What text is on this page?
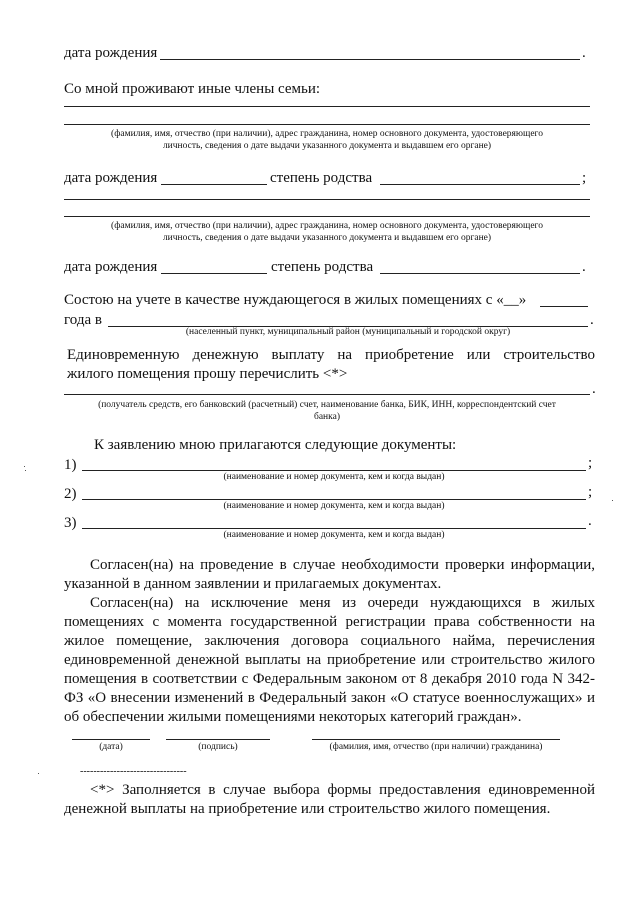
дата рождения	.
Со мной проживают иные члены семьи:
(фамилия, имя, отчество (при наличии), адрес гражданина, номер основного документа, удостоверяющего
личность, сведения о дате выдачи указанного документа и выдавшем его органе)
дата рождения	степень родства	;
(фамилия, имя, отчество (при наличии), адрес гражданина, номер основного документа, удостоверяющего
личность, сведения о дате выдачи указанного документа и выдавшем его органе)
дата рождения	степень родства	.
Состою на учете в качестве нуждающегося в жилых помещениях с «__»
года в	.
(населенный пункт, муниципальный район (муниципальный и городской округ)
Единовременную денежную выплату на приобретение или строительство
жилого помещения прошу перечислить <*>
.
(получатель средств, его банковский (расчетный) счет, наименование банка, БИК, ИНН, корреспондентский счет
банка)
К заявлению мною прилагаются следующие документы:
1)	;
(наименование и номер документа, кем и когда выдан)
2)	;
(наименование и номер документа, кем и когда выдан)
3)	.
(наименование и номер документа, кем и когда выдан)
Согласен(на) на проведение в случае необходимости проверки информации,
указанной в данном заявлении и прилагаемых документах.
Согласен(на) на исключение меня из очереди нуждающихся в жилых
помещениях с момента государственной регистрации права собственности на
жилое помещение, заключения договора социального найма, перечисления
единовременной денежной выплаты на приобретение или строительство жилого
помещения в соответствии с Федеральным законом от 8 декабря 2010 года N 342-
ФЗ «О внесении изменений в Федеральный закон «О статусе военнослужащих» и
об обеспечении жилыми помещениями некоторых категорий граждан».
(дата)	(подпись)	(фамилия, имя, отчество (при наличии) гражданина)
--------------------------------
<*> Заполняется в случае выбора формы предоставления единовременной
денежной выплаты на приобретение или строительство жилого помещения.
